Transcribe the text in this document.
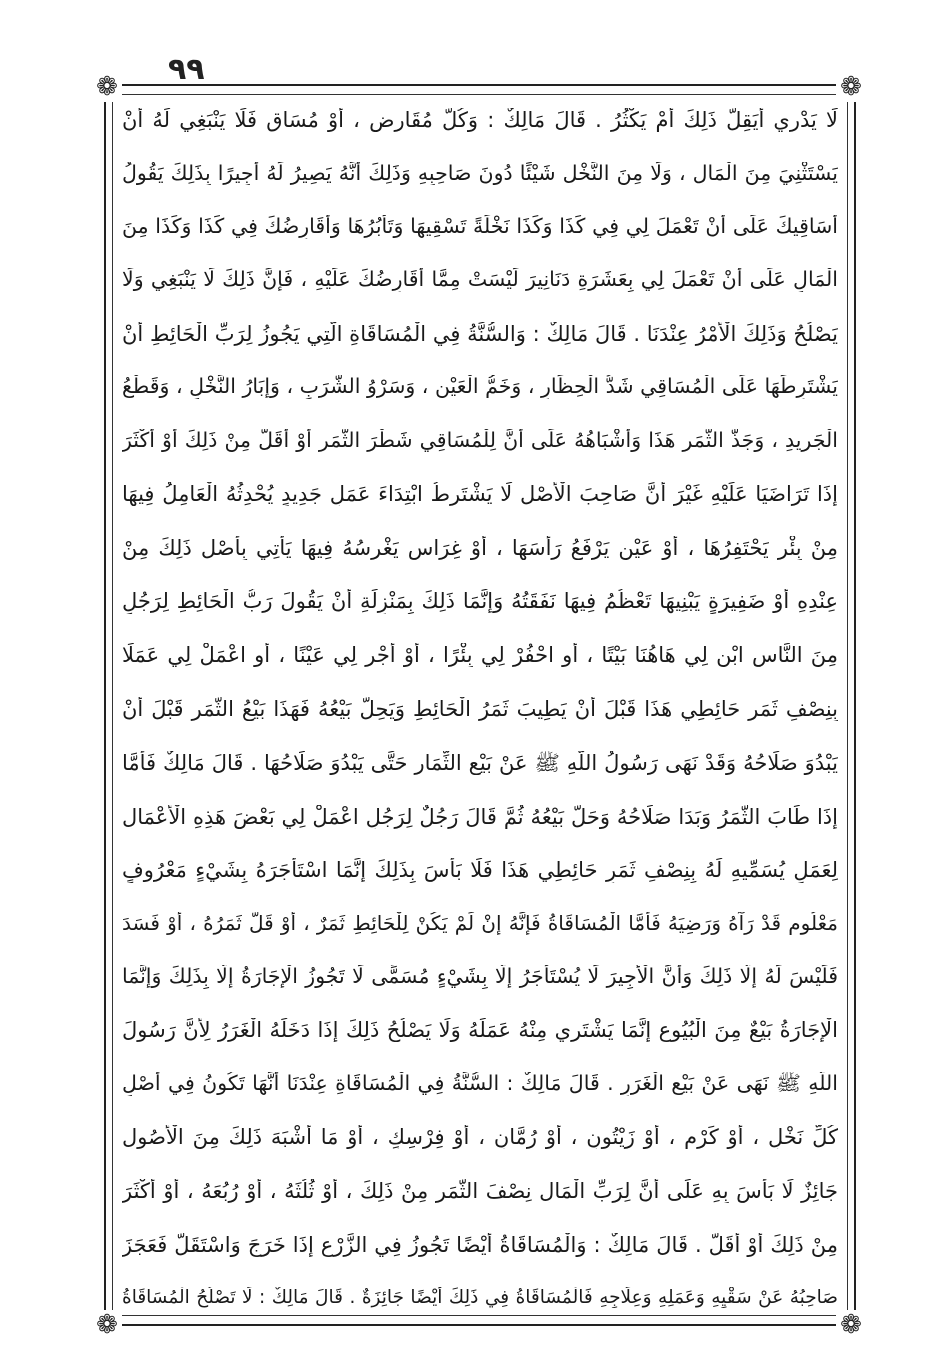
٩٩
❁	❁
❁	❁
لَا يَدْرِي أَيَقِلُّ ذَلِكَ أَمْ يَكْثُرُ . قَالَ مَالِكٌ : وَكُلُّ مُقَارِضٍ ، أَوْ مُسَاقٍ فَلَا يَنْبَغِي لَهُ أَنْ
يَسْتَثْنِيَ مِنَ الْمَالِ ، وَلَا مِنَ النَّخْلِ شَيْئًا دُونَ صَاحِبِهِ وَذَلِكَ أَنَّهُ يَصِيرُ لَهُ أَجِيرًا بِذَلِكَ يَقُولُ
أُسَاقِيكَ عَلَى أَنْ تَعْمَلَ لِي فِي كَذَا وَكَذَا نَخْلَةً تَسْقِيهَا وَتَأْبُرُهَا وَأُقَارِضُكَ فِي كَذَا وَكَذَا مِنَ
الْمَالِ عَلَى أَنْ تَعْمَلَ لِي بِعَشَرَةِ دَنَانِيرَ لَيْسَتْ مِمَّا أُقَارِضُكَ عَلَيْهِ ، فَإِنَّ ذَلِكَ لَا يَنْبَغِي وَلَا
يَصْلُحُ وَذَلِكَ الْأَمْرُ عِنْدَنَا . قَالَ مَالِكٌ : وَالسُّنَّةُ فِي الْمُسَاقَاةِ الَّتِي يَجُوزُ لِرَبِّ الْحَائِطِ أَنْ
يَشْتَرِطَهَا عَلَى الْمُسَاقِي شَدُّ الْحِظَارِ ، وَخَمُّ الْعَيْنِ ، وَسَرْوُ الشَّرَبِ ، وَإِبَارُ النَّخْلِ ، وَقَطْعُ
الْجَرِيدِ ، وَجَذُّ الثَّمَرِ هَذَا وَأَشْبَاهُهُ عَلَى أَنَّ لِلْمُسَاقِي شَطْرَ الثَّمَرِ أَوْ أَقَلَّ مِنْ ذَلِكَ أَوْ أَكْثَرَ
إِذَا تَرَاضَيَا عَلَيْهِ غَيْرَ أَنَّ صَاحِبَ الْأَصْلِ لَا يَشْتَرِطُ ابْتِدَاءَ عَمَلٍ جَدِيدٍ يُحْدِثُهُ الْعَامِلُ فِيهَا
مِنْ بِئْرٍ يَحْتَفِرُهَا ، أَوْ عَيْنٍ يَرْفَعُ رَأْسَهَا ، أَوْ غِرَاسٍ يَغْرِسُهُ فِيهَا يَأْتِي بِأَصْلِ ذَلِكَ مِنْ
عِنْدِهِ أَوْ ضَفِيرَةٍ يَبْنِيهَا تَعْظُمُ فِيهَا نَفَقَتُهُ وَإِنَّمَا ذَلِكَ بِمَنْزِلَةِ أَنْ يَقُولَ رَبُّ الْحَائِطِ لِرَجُلٍ
مِنَ النَّاسِ ابْنِ لِي هَاهُنَا بَيْتًا ، أَوِ احْفُرْ لِي بِئْرًا ، أَوْ أَجْرِ لِي عَيْنًا ، أَوِ اعْمَلْ لِي عَمَلًا
بِنِصْفِ ثَمَرِ حَائِطِي هَذَا قَبْلَ أَنْ يَطِيبَ ثَمَرُ الْحَائِطِ وَيَحِلَّ بَيْعُهُ فَهَذَا بَيْعُ الثَّمَرِ قَبْلَ أَنْ
يَبْدُوَ صَلَاحُهُ وَقَدْ نَهَى رَسُولُ اللَّهِ ﷺ عَنْ بَيْعِ الثِّمَارِ حَتَّى يَبْدُوَ صَلَاحُهَا . قَالَ مَالِكٌ فَأَمَّا
إِذَا طَابَ الثَّمَرُ وَبَدَا صَلَاحُهُ وَحَلَّ بَيْعُهُ ثُمَّ قَالَ رَجُلٌ لِرَجُلٍ اعْمَلْ لِي بَعْضَ هَذِهِ الْأَعْمَالِ
لِعَمَلٍ يُسَمِّيهِ لَهُ بِنِصْفِ ثَمَرِ حَائِطِي هَذَا فَلَا بَأْسَ بِذَلِكَ إِنَّمَا اسْتَأْجَرَهُ بِشَيْءٍ مَعْرُوفٍ
مَعْلُومٍ قَدْ رَآهُ وَرَضِيَهُ فَأَمَّا الْمُسَاقَاةُ فَإِنَّهُ إِنْ لَمْ يَكُنْ لِلْحَائِطِ ثَمَرٌ ، أَوْ قَلَّ ثَمَرُهُ ، أَوْ فَسَدَ
فَلَيْسَ لَهُ إِلَّا ذَلِكَ وَأَنَّ الْأَجِيرَ لَا يُسْتَأْجَرُ إِلَّا بِشَيْءٍ مُسَمًّى لَا تَجُوزُ الْإِجَارَةُ إِلَّا بِذَلِكَ وَإِنَّمَا
الْإِجَارَةُ بَيْعٌ مِنَ الْبُيُوعِ إِنَّمَا يَشْتَرِي مِنْهُ عَمَلَهُ وَلَا يَصْلُحُ ذَلِكَ إِذَا دَخَلَهُ الْغَرَرُ لِأَنَّ رَسُولَ
اللَّهِ ﷺ نَهَى عَنْ بَيْعِ الْغَرَرِ . قَالَ مَالِكٌ : السُّنَّةُ فِي الْمُسَاقَاةِ عِنْدَنَا أَنَّهَا تَكُونُ فِي أَصْلِ
كُلِّ نَخْلٍ ، أَوْ كَرْمٍ ، أَوْ زَيْتُونٍ ، أَوْ رُمَّانٍ ، أَوْ فِرْسِكٍ ، أَوْ مَا أَشْبَهَ ذَلِكَ مِنَ الْأُصُولِ
جَائِزٌ لَا بَأْسَ بِهِ عَلَى أَنَّ لِرَبِّ الْمَالِ نِصْفَ الثَّمَرِ مِنْ ذَلِكَ ، أَوْ ثُلُثَهُ ، أَوْ رُبُعَهُ ، أَوْ أَكْثَرَ
مِنْ ذَلِكَ أَوْ أَقَلَّ . قَالَ مَالِكٌ : وَالْمُسَاقَاةُ أَيْضًا تَجُوزُ فِي الزَّرْعِ إِذَا خَرَجَ وَاسْتَقَلَّ فَعَجَزَ
صَاحِبُهُ عَنْ سَقْيِهِ وَعَمَلِهِ وَعِلَاجِهِ فَالْمُسَاقَاةُ فِي ذَلِكَ أَيْضًا جَائِزَةٌ . قَالَ مَالِكٌ : لَا تَصْلُحُ الْمُسَاقَاةُ
